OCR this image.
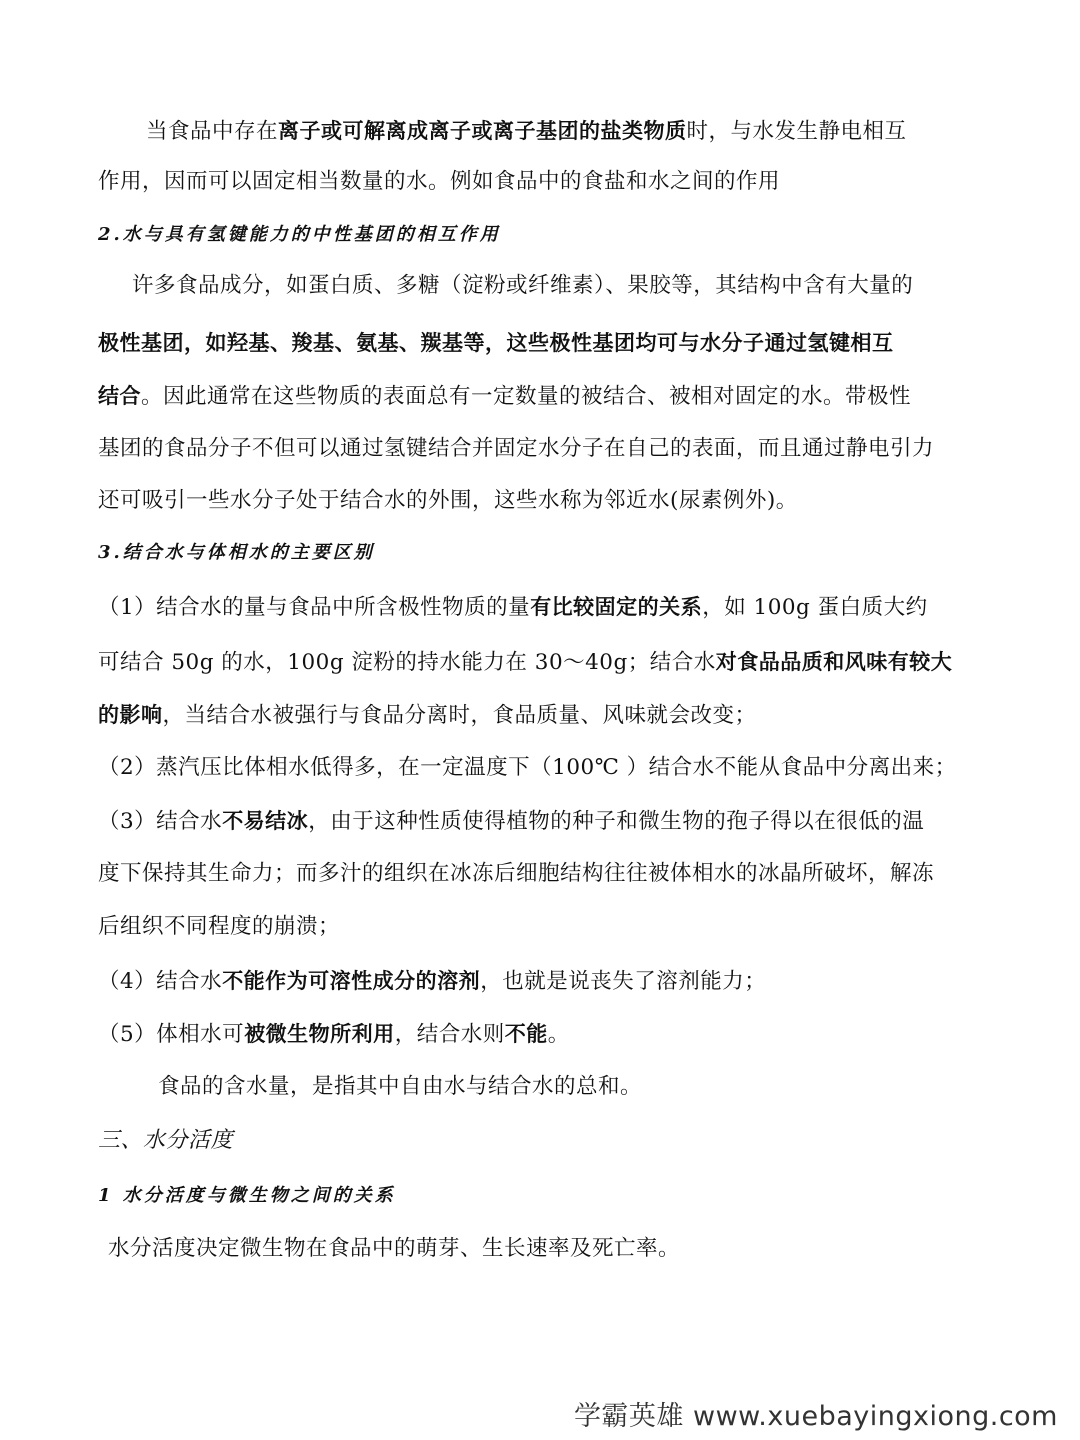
当食品中存在离子或可解离成离子或离子基团的盐类物质时，与水发生静电相互
作用，因而可以固定相当数量的水。例如食品中的食盐和水之间的作用
2.水与具有氢键能力的中性基团的相互作用
许多食品成分，如蛋白质、多糖（淀粉或纤维素）、果胶等，其结构中含有大量的
极性基团，如羟基、羧基、氨基、羰基等，这些极性基团均可与水分子通过氢键相互
结合。因此通常在这些物质的表面总有一定数量的被结合、被相对固定的水。带极性
基团的食品分子不但可以通过氢键结合并固定水分子在自己的表面，而且通过静电引力
还可吸引一些水分子处于结合水的外围，这些水称为邻近水(尿素例外)。
3.结合水与体相水的主要区别
（1）结合水的量与食品中所含极性物质的量有比较固定的关系，如 100g 蛋白质大约
可结合 50g 的水，100g 淀粉的持水能力在 30～40g；结合水对食品品质和风味有较大
的影响，当结合水被强行与食品分离时，食品质量、风味就会改变；
（2）蒸汽压比体相水低得多，在一定温度下（100℃ ）结合水不能从食品中分离出来；
（3）结合水不易结冰，由于这种性质使得植物的种子和微生物的孢子得以在很低的温
度下保持其生命力；而多汁的组织在冰冻后细胞结构往往被体相水的冰晶所破坏，解冻
后组织不同程度的崩溃；
（4）结合水不能作为可溶性成分的溶剂，也就是说丧失了溶剂能力；
（5）体相水可被微生物所利用，结合水则不能。
食品的含水量，是指其中自由水与结合水的总和。
三、水分活度
1 水分活度与微生物之间的关系
水分活度决定微生物在食品中的萌芽、生长速率及死亡率。
学霸英雄 www.xuebayingxiong.com
